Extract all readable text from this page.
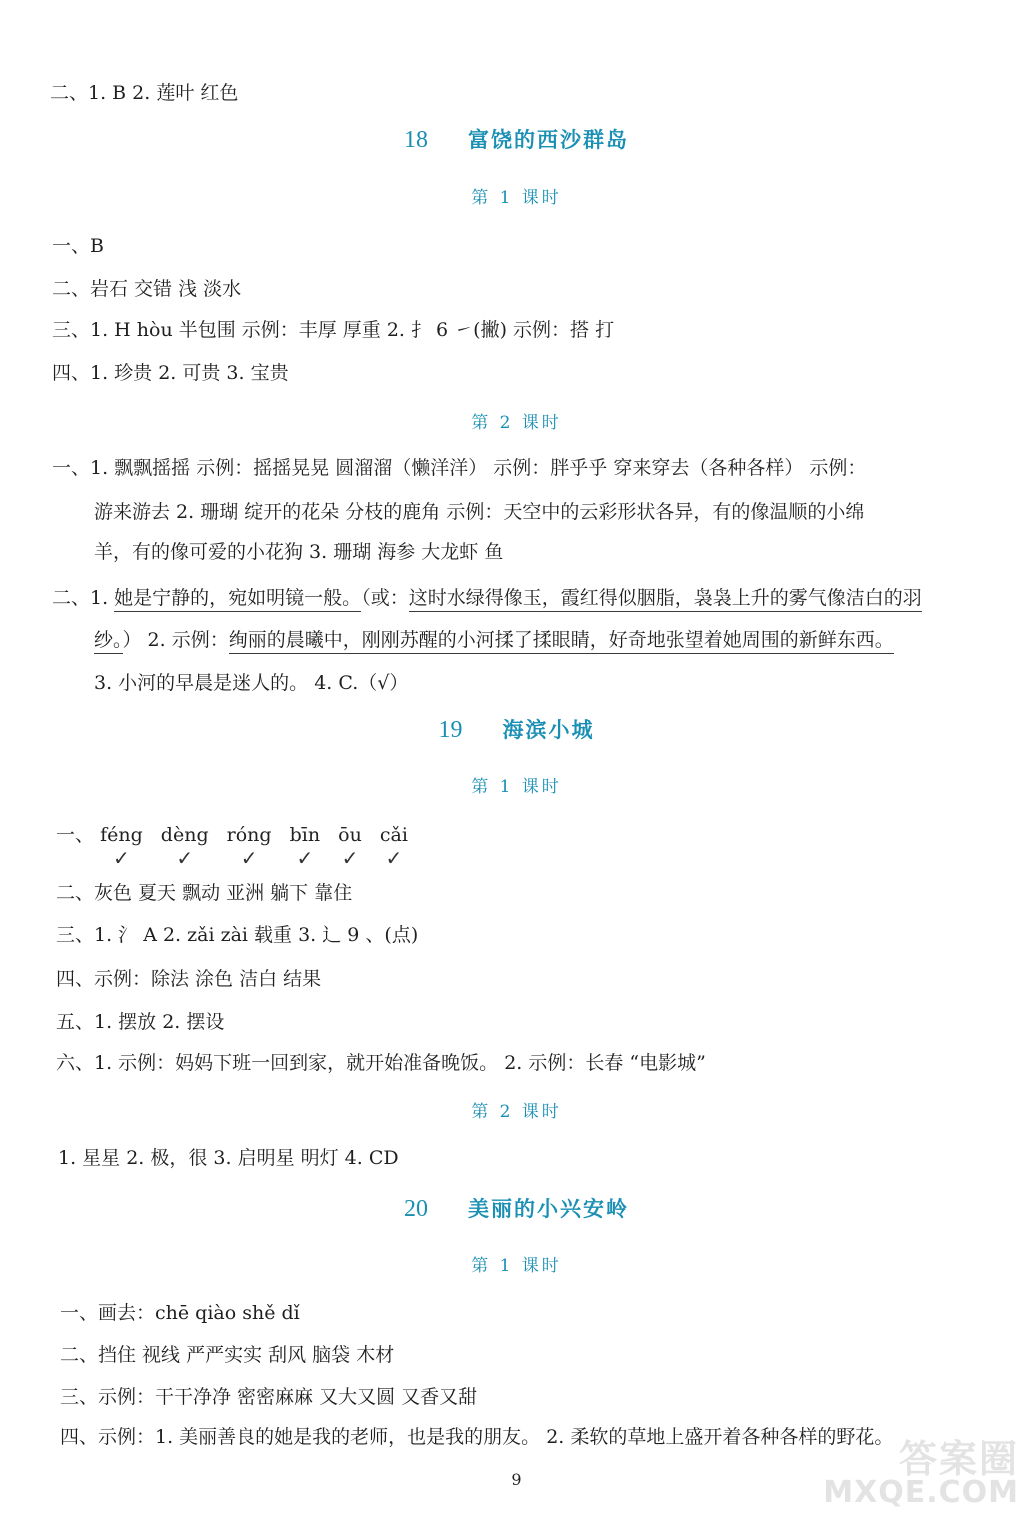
二、1. B 2. 莲叶 红色
18 富饶的西沙群岛
第 1 课时
一、B
二、岩石 交错 浅 淡水
三、1. H hòu 半包围 示例：丰厚 厚重 2. 扌 6 ㇀(撇) 示例：搭 打
四、1. 珍贵 2. 可贵 3. 宝贵
第 2 课时
一、1. 飘飘摇摇 示例：摇摇晃晃 圆溜溜（懒洋洋） 示例：胖乎乎 穿来穿去（各种各样） 示例：
游来游去 2. 珊瑚 绽开的花朵 分枝的鹿角 示例：天空中的云彩形状各异，有的像温顺的小绵
羊，有的像可爱的小花狗 3. 珊瑚 海参 大龙虾 鱼
二、1. 她是宁静的，宛如明镜一般。（或：这时水绿得像玉，霞红得似胭脂，袅袅上升的雾气像洁白的羽
纱。） 2. 示例：绚丽的晨曦中，刚刚苏醒的小河揉了揉眼睛，好奇地张望着她周围的新鲜东西。
3. 小河的早晨是迷人的。 4. C.（√）
19 海滨小城
第 1 课时
一、 féng
✓
dèng
✓
róng
✓
bīn
✓
ōu
✓
cǎi
✓
二、灰色 夏天 飘动 亚洲 躺下 靠住
三、1. 氵 A 2. zǎi zài 载重 3. 辶 9 、(点)
四、示例：除法 涂色 洁白 结果
五、1. 摆放 2. 摆设
六、1. 示例：妈妈下班一回到家，就开始准备晚饭。 2. 示例：长春 “电影城”
第 2 课时
1. 星星 2. 极，很 3. 启明星 明灯 4. CD
20 美丽的小兴安岭
第 1 课时
一、画去：chē qiào shě dǐ
二、挡住 视线 严严实实 刮风 脑袋 木材
三、示例：干干净净 密密麻麻 又大又圆 又香又甜
四、示例：1. 美丽善良的她是我的老师，也是我的朋友。 2. 柔软的草地上盛开着各种各样的野花。
9	答案圈
MXQE.COM
